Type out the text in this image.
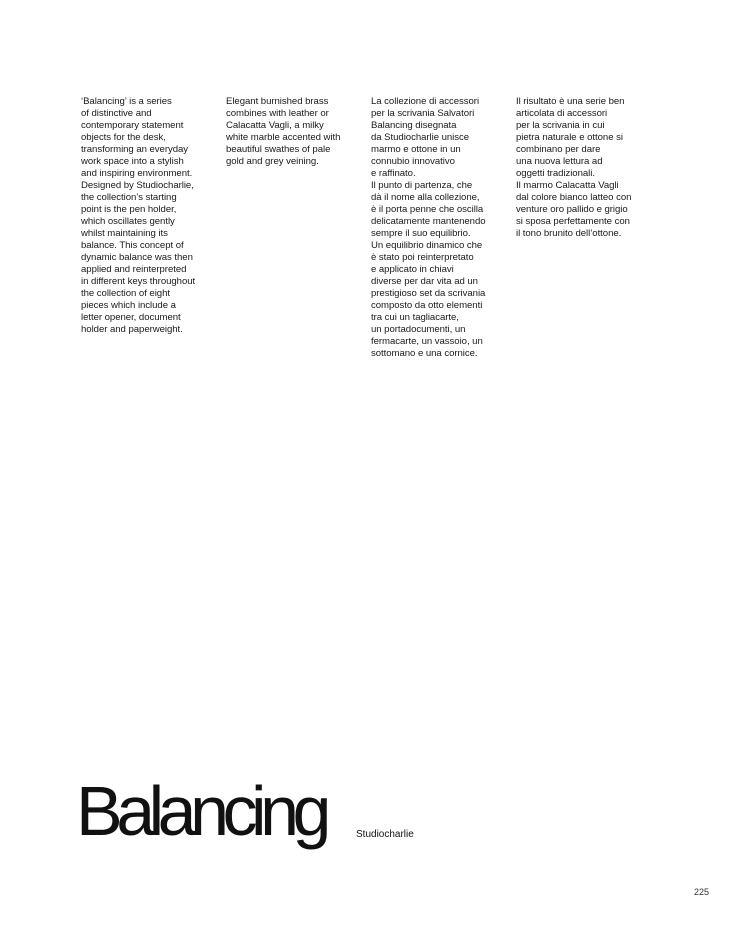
‘Balancing’ is a series
of distinctive and
contemporary statement
objects for the desk,
transforming an everyday
work space into a stylish
and inspiring environment.
Designed by Studiocharlie,
the collection’s starting
point is the pen holder,
which oscillates gently
whilst maintaining its
balance. This concept of
dynamic balance was then
applied and reinterpreted
in different keys throughout
the collection of eight
pieces which include a
letter opener, document
holder and paperweight.
Elegant burnished brass
combines with leather or
Calacatta Vagli, a milky
white marble accented with
beautiful swathes of pale
gold and grey veining.
La collezione di accessori
per la scrivania Salvatori
Balancing disegnata
da Studiocharlie unisce
marmo e ottone in un
connubio innovativo
e raffinato.
Il punto di partenza, che
dà il nome alla collezione,
è il porta penne che oscilla
delicatamente mantenendo
sempre il suo equilibrio.
Un equilibrio dinamico che
è stato poi reinterpretato
e applicato in chiavi
diverse per dar vita ad un
prestigioso set da scrivania
composto da otto elementi
tra cui un tagliacarte,
un portadocumenti, un
fermacarte, un vassoio, un
sottomano e una cornice.
Il risultato è una serie ben
articolata di accessori
per la scrivania in cui
pietra naturale e ottone si
combinano per dare
una nuova lettura ad
oggetti tradizionali.
Il marmo Calacatta Vagli
dal colore bianco latteo con
venture oro pallido e grigio
si sposa perfettamente con
il tono brunito dell’ottone.
Balancing	Studiocharlie
225
